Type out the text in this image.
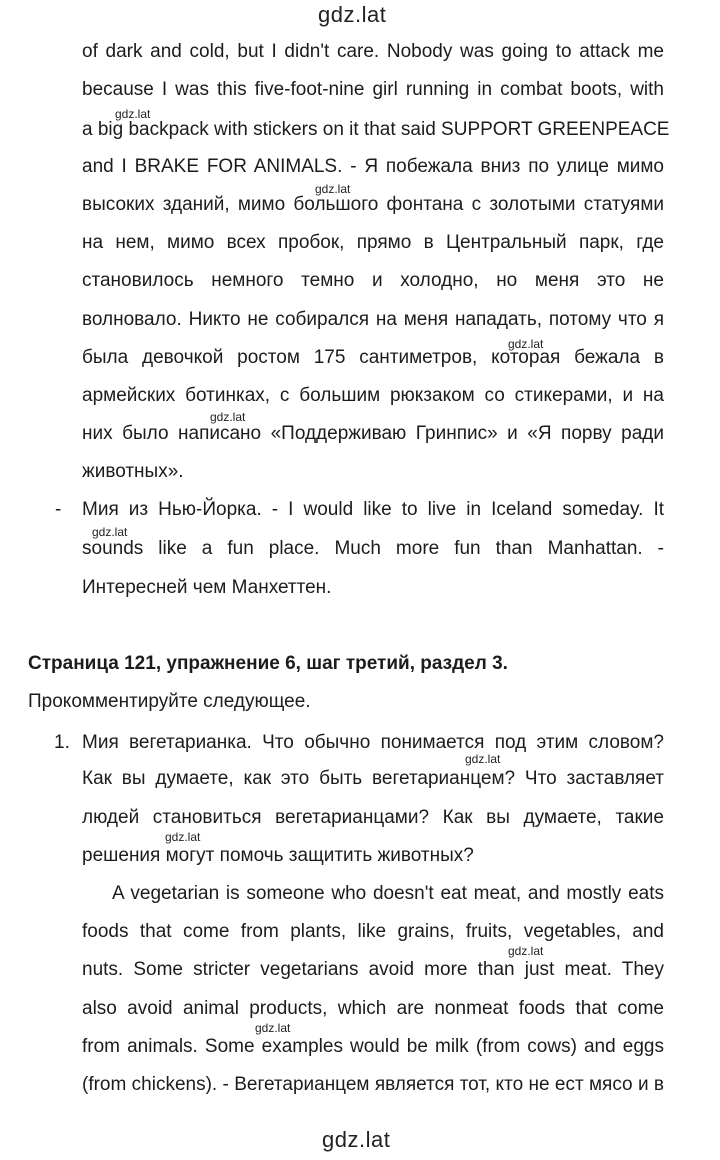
gdz.lat
of dark and cold, but I didn't care. Nobody was going to attack me
because I was this five-foot-nine girl running in combat boots, with
gdz.lat
a big backpack with stickers on it that said SUPPORT GREENPEACE
and I BRAKE FOR ANIMALS. - Я побежала вниз по улице мимо
gdz.lat
высоких зданий, мимо большого фонтана с золотыми статуями
на нем, мимо всех пробок, прямо в Центральный парк, где
становилось немного темно и холодно, но меня это не
волновало. Никто не собирался на меня нападать, потому что я
gdz.lat
была девочкой ростом 175 сантиметров, которая бежала в
армейских ботинках, с большим рюкзаком со стикерами, и на
gdz.lat
них было написано «Поддерживаю Гринпис» и «Я порву ради
животных».
- Мия из Нью-Йорка. - I would like to live in Iceland someday. It
gdz.lat
sounds like a fun place. Much more fun than Manhattan. -
Интересней чем Манхеттен.
Страница 121, упражнение 6, шаг третий, раздел 3.
Прокомментируйте следующее.
1. Мия вегетарианка. Что обычно понимается под этим словом?
gdz.lat
Как вы думаете, как это быть вегетарианцем? Что заставляет
людей становиться вегетарианцами? Как вы думаете, такие
gdz.lat
решения могут помочь защитить животных?
A vegetarian is someone who doesn't eat meat, and mostly eats
foods that come from plants, like grains, fruits, vegetables, and
gdz.lat
nuts. Some stricter vegetarians avoid more than just meat. They
also avoid animal products, which are nonmeat foods that come
gdz.lat
from animals. Some examples would be milk (from cows) and eggs
(from chickens). - Вегетарианцем является тот, кто не ест мясо и в
gdz.lat
